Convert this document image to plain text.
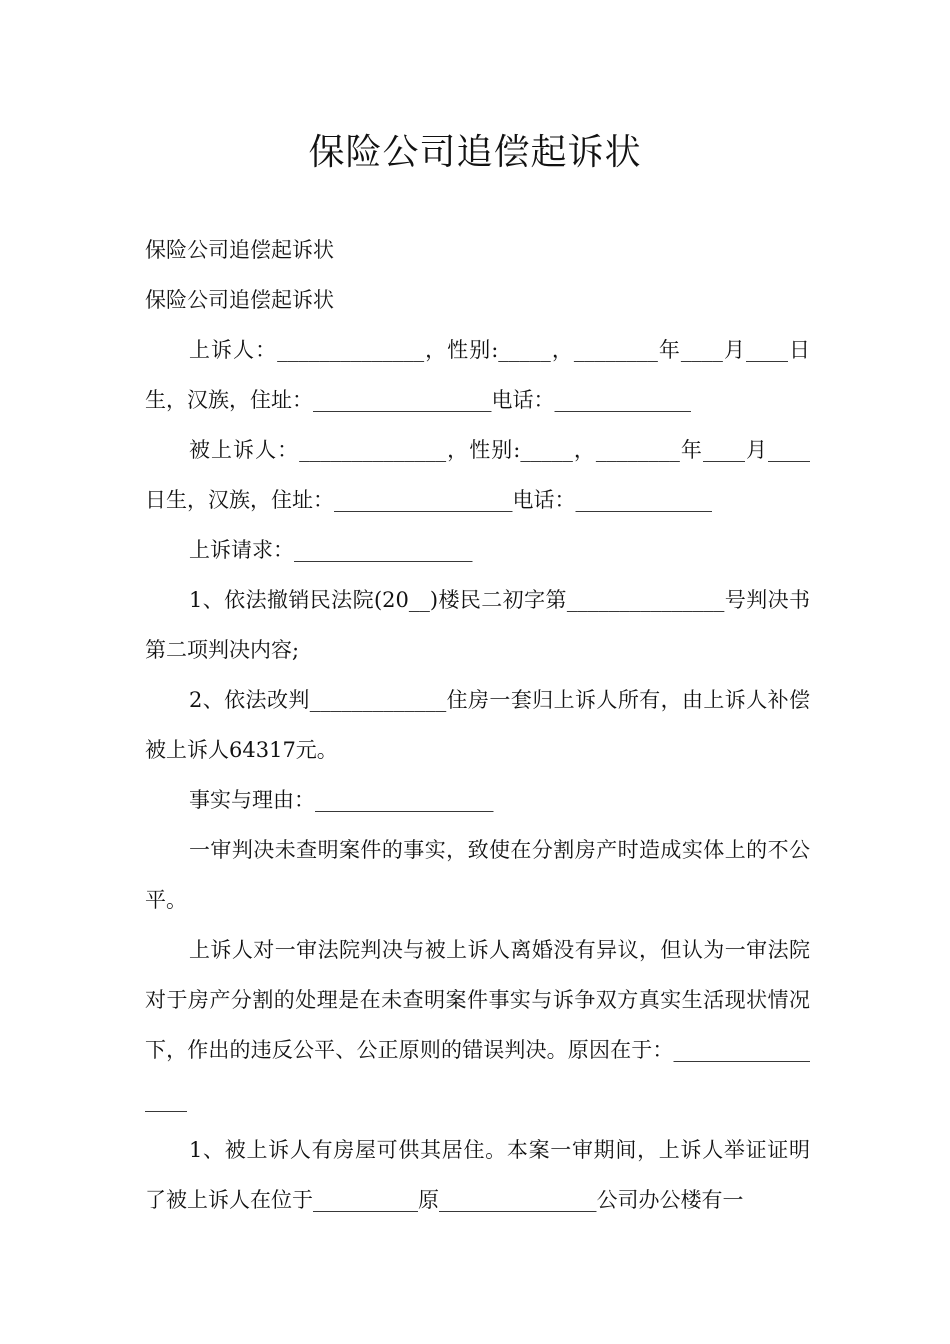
保险公司追偿起诉状

保险公司追偿起诉状

保险公司追偿起诉状

上诉人：______________，性别:_____，________年____月____日生，汉族，住址：_________________电话：_____________

被上诉人：______________，性别:_____，________年____月____日生，汉族，住址：_________________电话：_____________

上诉请求：_________________

1、依法撤销民法院(20__)楼民二初字第_______________号判决书第二项判决内容;

2、依法改判_____________住房一套归上诉人所有，由上诉人补偿被上诉人64317元。

事实与理由：_________________

一审判决未查明案件的事实，致使在分割房产时造成实体上的不公平。

上诉人对一审法院判决与被上诉人离婚没有异议，但认为一审法院对于房产分割的处理是在未查明案件事实与诉争双方真实生活现状情况下，作出的违反公平、公正原则的错误判决。原因在于：_________________

1、被上诉人有房屋可供其居住。本案一审期间，上诉人举证证明了被上诉人在位于__________原_______________公司办公楼有一
